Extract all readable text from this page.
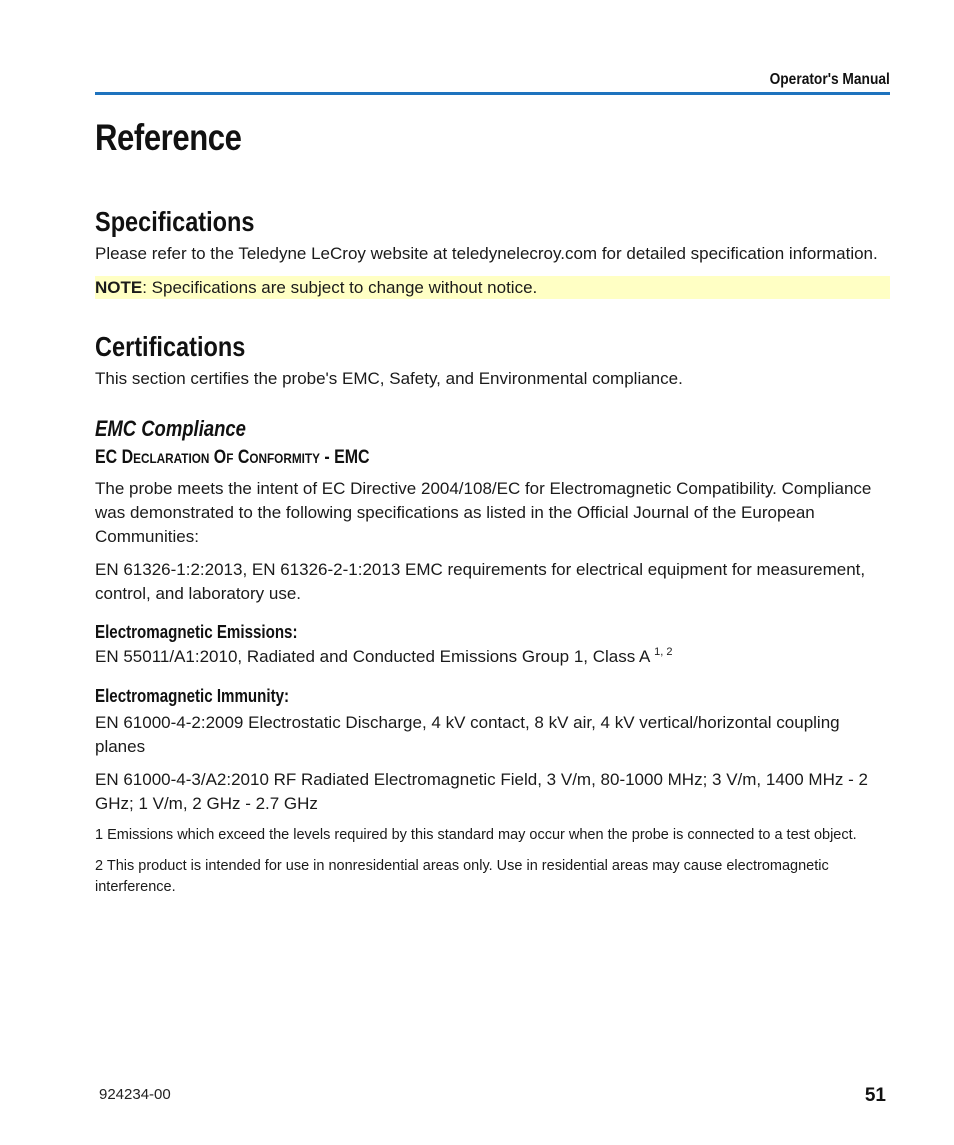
Operator's Manual
Reference
Specifications

Please refer to the Teledyne LeCroy website at teledynelecroy.com for detailed specification information.

NOTE: Specifications are subject to change without notice.
Certifications

This section certifies the probe's EMC, Safety, and Environmental compliance.

EMC Compliance
EC DECLARATION OF CONFORMITY - EMC

The probe meets the intent of EC Directive 2004/108/EC for Electromagnetic Compatibility. Compliance was demonstrated to the following specifications as listed in the Official Journal of the European Communities:

EN 61326-1:2:2013, EN 61326-2-1:2013 EMC requirements for electrical equipment for measurement, control, and laboratory use.

Electromagnetic Emissions:

EN 55011/A1:2010, Radiated and Conducted Emissions Group 1, Class A $^{1, 2}$

Electromagnetic Immunity:

EN 61000-4-2:2009 Electrostatic Discharge, 4 kV contact, 8 kV air, 4 kV vertical/horizontal coupling planes

EN 61000-4-3/A2:2010 RF Radiated Electromagnetic Field, 3 V/m, 80-1000 MHz; 3 V/m, 1400 MHz - 2 GHz; 1 V/m, 2 GHz - 2.7 GHz

1 Emissions which exceed the levels required by this standard may occur when the probe is connected to a test object.

2 This product is intended for use in nonresidential areas only. Use in residential areas may cause electromagnetic interference.

924234-00	51
